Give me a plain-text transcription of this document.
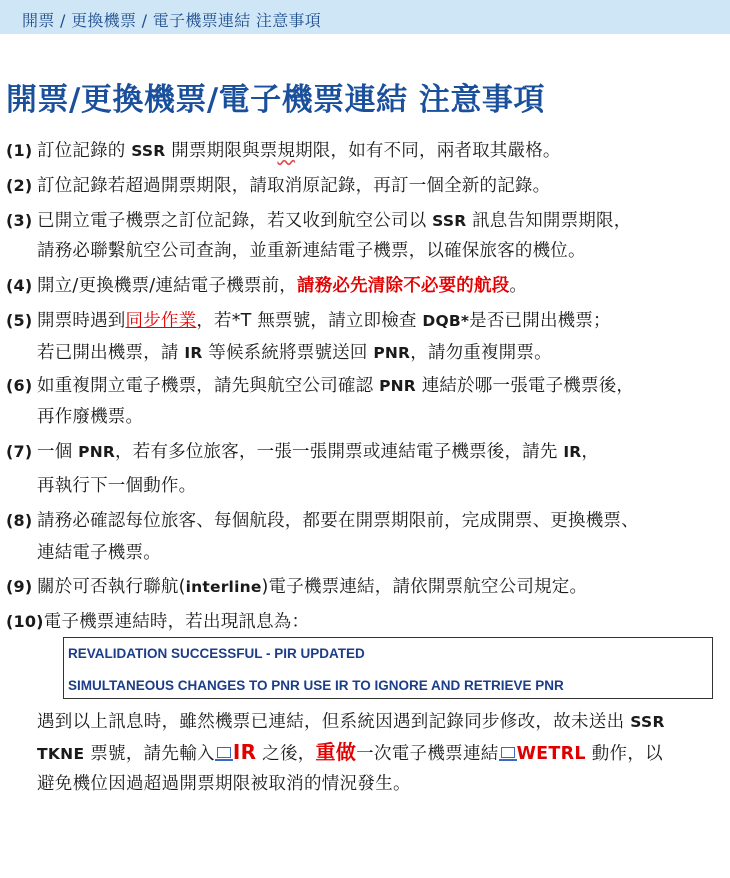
開票 / 更換機票 / 電子機票連結 注意事項
開票/更換機票/電子機票連結 注意事項
(1) 訂位記錄的 SSR 開票期限與票規期限，如有不同，兩者取其嚴格。
(2) 訂位記錄若超過開票期限，請取消原記錄，再訂一個全新的記錄。
(3) 已開立電子機票之訂位記錄，若又收到航空公司以 SSR 訊息告知開票期限，
請務必聯繫航空公司查詢，並重新連結電子機票，以確保旅客的機位。
(4) 開立/更換機票/連結電子機票前，請務必先清除不必要的航段。
(5) 開票時遇到同步作業，若*T 無票號，請立即檢查 DQB*是否已開出機票；
若已開出機票，請 IR 等候系統將票號送回 PNR，請勿重複開票。
(6) 如重複開立電子機票，請先與航空公司確認 PNR 連結於哪一張電子機票後，
再作廢機票。
(7) 一個 PNR，若有多位旅客，一張一張開票或連結電子機票後，請先 IR，
再執行下一個動作。
(8) 請務必確認每位旅客、每個航段，都要在開票期限前，完成開票、更換機票、
連結電子機票。
(9) 關於可否執行聯航(interline)電子機票連結，請依開票航空公司規定。
(10)電子機票連結時，若出現訊息為：
REVALIDATION SUCCESSFUL - PIR UPDATED
SIMULTANEOUS CHANGES TO PNR USE IR TO IGNORE AND RETRIEVE PNR
遇到以上訊息時，雖然機票已連結，但系統因遇到記錄同步修改，故未送出 SSR
TKNE 票號，請先輸入 IR 之後，重做一次電子機票連結 WETRL 動作，以
避免機位因過超過開票期限被取消的情況發生。
